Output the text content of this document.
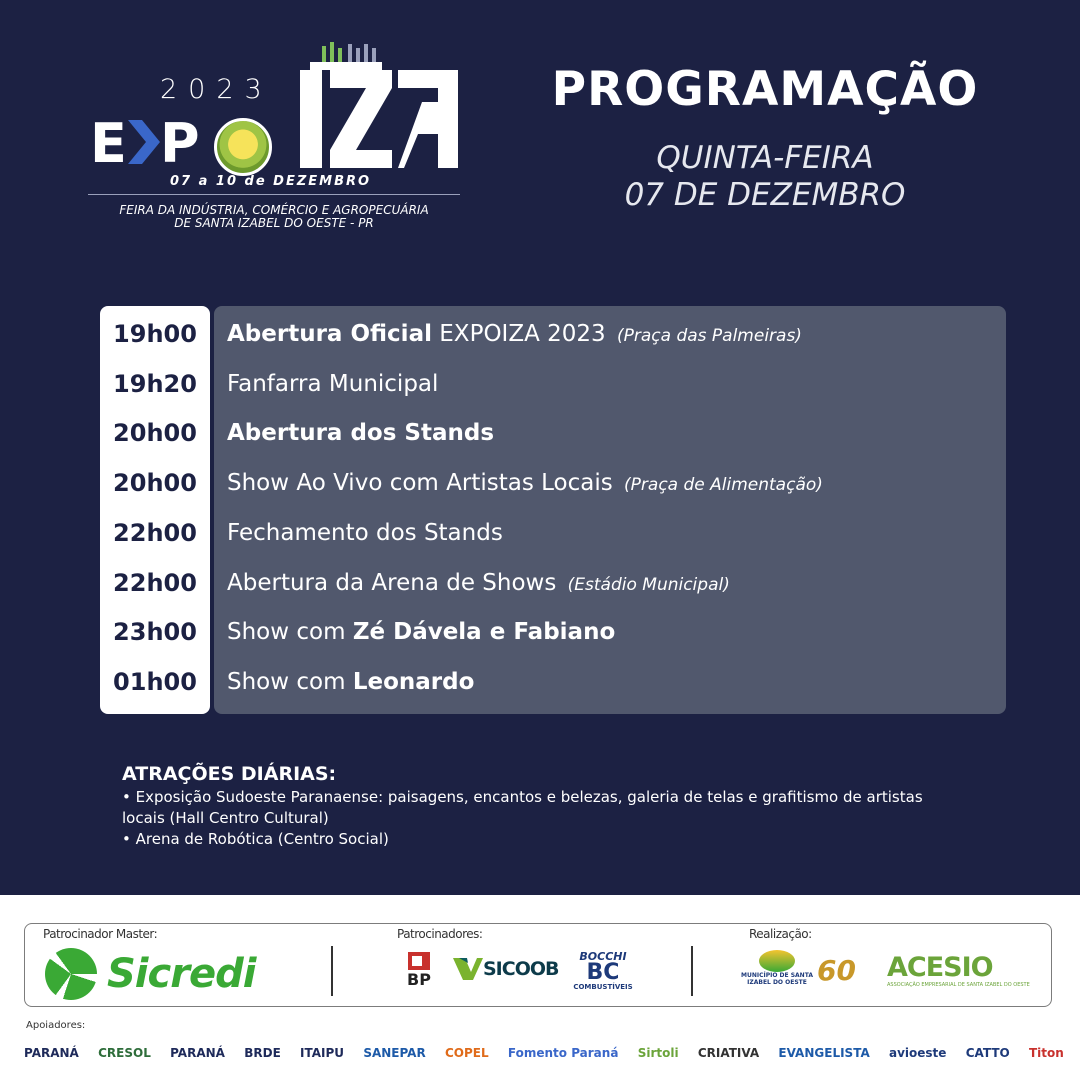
2023
E P
07 a 10 de DEZEMBRO
FEIRA DA INDÚSTRIA, COMÉRCIO E AGROPECUÁRIA
DE SANTA IZABEL DO OESTE - PR
PROGRAMAÇÃO
QUINTA-FEIRA
07 DE DEZEMBRO
19h00	Abertura Oficial EXPOIZA 2023 (Praça das Palmeiras)
19h20	Fanfarra Municipal
20h00	Abertura dos Stands
20h00	Show Ao Vivo com Artistas Locais (Praça de Alimentação)
22h00	Fechamento dos Stands
22h00	Abertura da Arena de Shows (Estádio Municipal)
23h00	Show com Zé Dávela e Fabiano
01h00	Show com Leonardo
ATRAÇÕES DIÁRIAS:
• Exposição Sudoeste Paranaense: paisagens, encantos e belezas, galeria de telas e grafitismo de artistas
locais (Hall Centro Cultural)
• Arena de Robótica (Centro Social)
Patrocinador Master:
Sicredi
Patrocinadores:
BP	SICOOB
BOCCHI
BC
COMBUSTÍVEIS
Realização:
MUNICÍPIO DE SANTA IZABEL DO OESTE 60 ACESIO
ASSOCIAÇÃO EMPRESARIAL DE SANTA IZABEL DO OESTE
Apoiadores:
PARANÁ CRESOL PARANÁ BRDE ITAIPU SANEPAR COPEL Fomento Paraná Sirtoli CRIATIVA EVANGELISTA avioeste CATTO Titon
